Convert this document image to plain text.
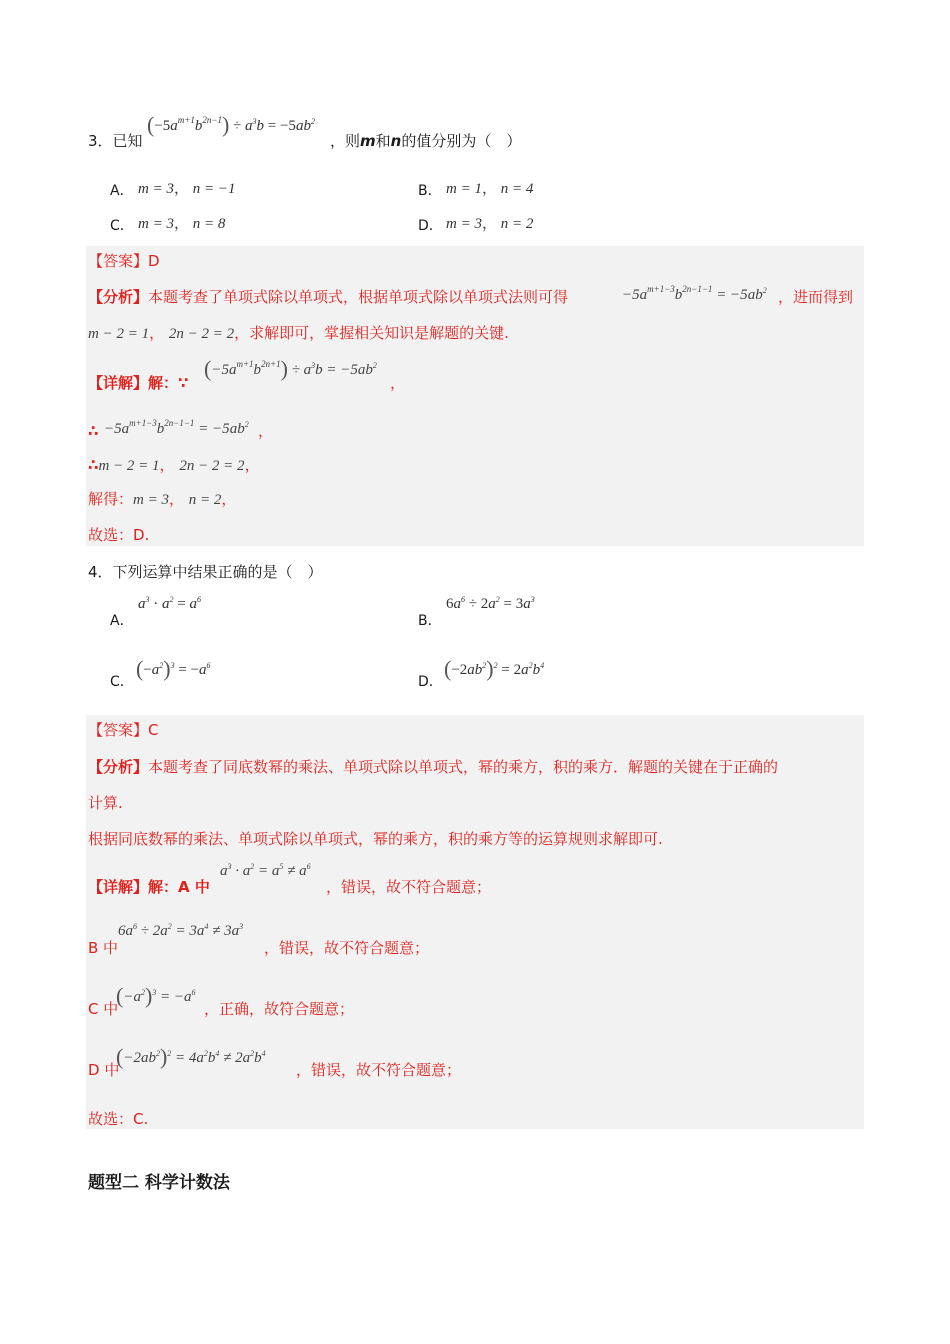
3．已知
$(-5a^{m+1}b^{2n-1}) \div a^3b = -5ab^2$
，则m和n的值分别为（　）
A． m = 3， n = −1	B． m = 1， n = 4
C． m = 3， n = 8	D． m = 3， n = 2
【答案】D
【分析】本题考查了单项式除以单项式，根据单项式除以单项式法则可得	$-5a^{m+1-3}b^{2n-1-1} = -5ab^2$ ，进而得到
m − 2 = 1， 2n − 2 = 2，求解即可，掌握相关知识是解题的关键.
【详解】解：∵
$(-5a^{m+1}b^{2n+1}) \div a^3b = -5ab^2$
，
∴ $-5a^{m+1-3}b^{2n-1-1} = -5ab^2$ ，
∴m − 2 = 1， 2n − 2 = 2，
解得：m = 3， n = 2，
故选：D.
4．下列运算中结果正确的是（　）
A．
$a^3 \cdot a^2 = a^6$
B．
$6a^6 \div 2a^2 = 3a^3$
C．
$(-a^2)^3 = -a^6$
D．
$(-2ab^2)^2 = 2a^2b^4$
【答案】C
【分析】本题考查了同底数幂的乘法、单项式除以单项式，幂的乘方，积的乘方．解题的关键在于正确的
计算.
根据同底数幂的乘法、单项式除以单项式，幂的乘方，积的乘方等的运算规则求解即可.
【详解】解：A 中
$a^3 \cdot a^2 = a^5 \ne a^6$
，错误，故不符合题意；
B 中
$6a^6 \div 2a^2 = 3a^4 \ne 3a^3$
，错误，故不符合题意；
C 中
$(-a^2)^3 = -a^6$
，正确，故符合题意；
D 中
$(-2ab^2)^2 = 4a^2b^4 \ne 2a^2b^4$
，错误，故不符合题意；
故选：C.
题型二 科学计数法
